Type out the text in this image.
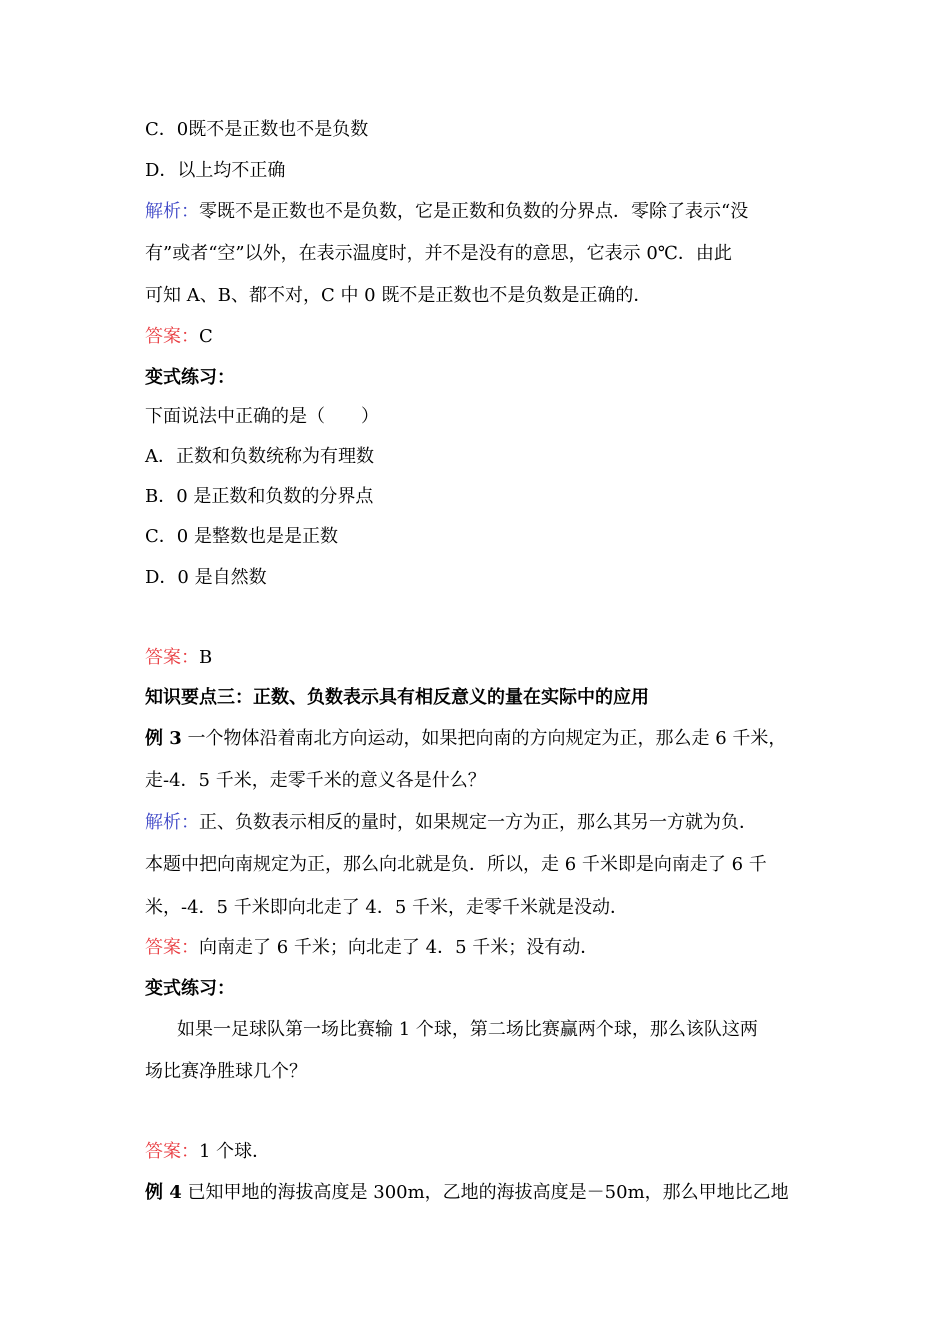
C．0既不是正数也不是负数
D．以上均不正确
解析：零既不是正数也不是负数，它是正数和负数的分界点．零除了表示“没
有”或者“空”以外，在表示温度时，并不是没有的意思，它表示 0℃．由此
可知 A、B、都不对，C 中 0 既不是正数也不是负数是正确的．
答案：C
变式练习：
下面说法中正确的是（　　）
A．正数和负数统称为有理数
B．0 是正数和负数的分界点
C．0 是整数也是是正数
D．0 是自然数
答案：B
知识要点三：正数、负数表示具有相反意义的量在实际中的应用
例 3 一个物体沿着南北方向运动，如果把向南的方向规定为正，那么走 6 千米，
走-4．5 千米，走零千米的意义各是什么？
解析：正、负数表示相反的量时，如果规定一方为正，那么其另一方就为负．
本题中把向南规定为正，那么向北就是负．所以，走 6 千米即是向南走了 6 千
米，-4．5 千米即向北走了 4．5 千米，走零千米就是没动．
答案：向南走了 6 千米；向北走了 4．5 千米；没有动．
变式练习：
如果一足球队第一场比赛输 1 个球，第二场比赛赢两个球，那么该队这两
场比赛净胜球几个？
答案：1 个球．
例 4 已知甲地的海拔高度是 300m，乙地的海拔高度是－50m，那么甲地比乙地
